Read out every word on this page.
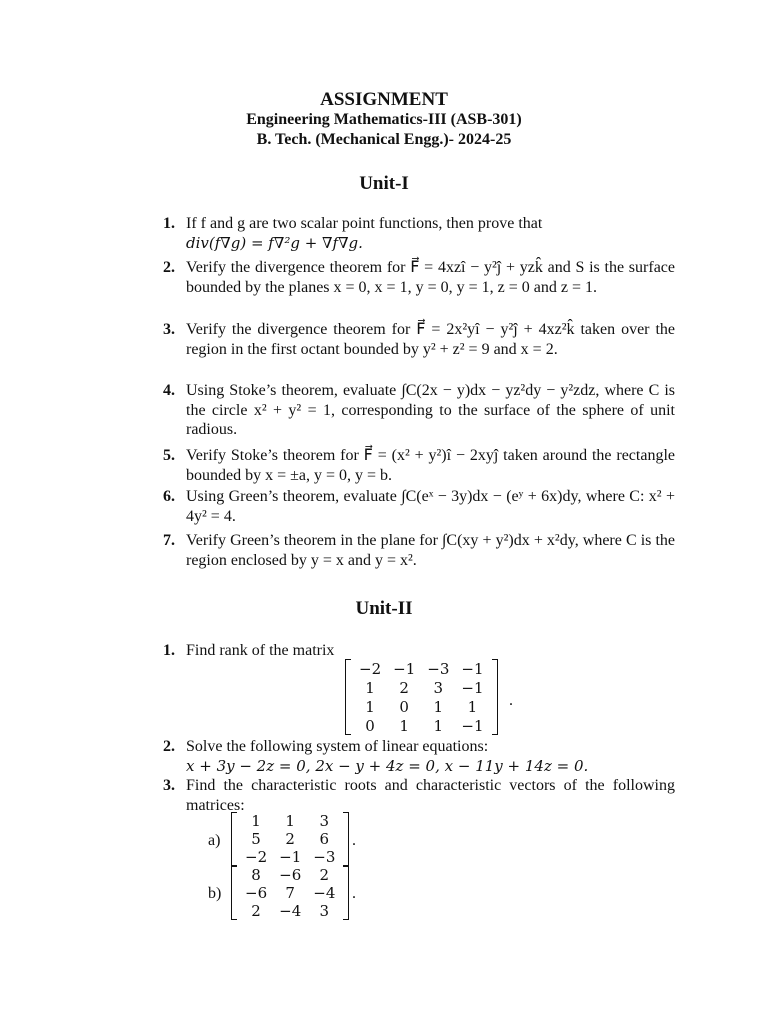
ASSIGNMENT
Engineering Mathematics-III (ASB-301)
B. Tech. (Mechanical Engg.)- 2024-25
Unit-I
1. If f and g are two scalar point functions, then prove that
div(f∇g) = f∇²g + ∇f∇g.
2. Verify the divergence theorem for F⃗ = 4xzî − y²ĵ + yzk̂ and S is the surface bounded by the planes x = 0, x = 1, y = 0, y = 1, z = 0 and z = 1.
3. Verify the divergence theorem for F⃗ = 2x²yî − y²ĵ + 4xz²k̂ taken over the region in the first octant bounded by y² + z² = 9 and x = 2.
4. Using Stoke’s theorem, evaluate ∫C(2x − y)dx − yz²dy − y²zdz, where C is the circle x² + y² = 1, corresponding to the surface of the sphere of unit radious.
5. Verify Stoke’s theorem for F⃗ = (x² + y²)î − 2xyĵ taken around the rectangle bounded by x = ±a, y = 0, y = b.
6. Using Green’s theorem, evaluate ∫C(eˣ − 3y)dx − (eʸ + 6x)dy, where C: x² + 4y² = 4.
7. Verify Green’s theorem in the plane for ∫C(xy + y²)dx + x²dy, where C is the region enclosed by y = x and y = x².
Unit-II
1. Find rank of the matrix
−2	−1	−3	−1
1	2	3	−1
1	0	1	1
0	1	1	−1
.
2. Solve the following system of linear equations:
x + 3y − 2z = 0, 2x − y + 4z = 0, x − 11y + 14z = 0.
3. Find the characteristic roots and characteristic vectors of the following matrices:
a)
1	1	3
5	2	6
−2	−1	−3
.
b)
8	−6	2
−6	7	−4
2	−4	3
.
